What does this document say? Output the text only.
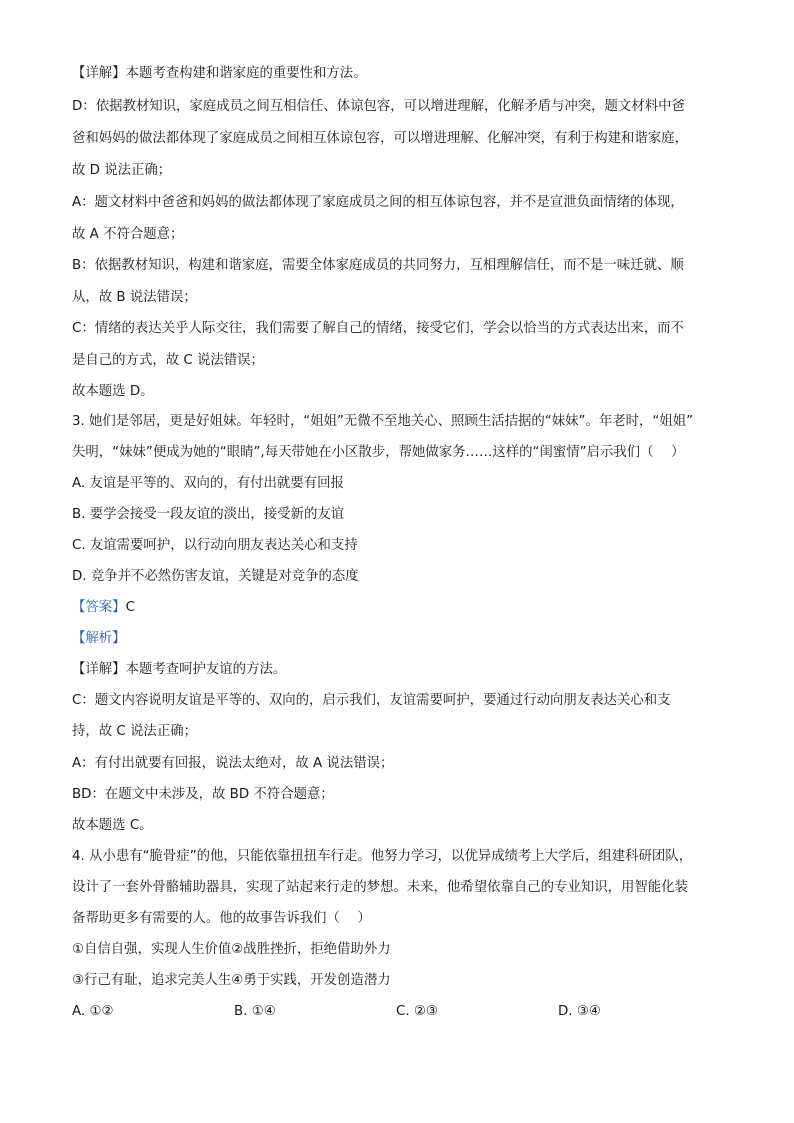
【详解】本题考查构建和谐家庭的重要性和方法。
D：依据教材知识，家庭成员之间互相信任、体谅包容，可以增进理解，化解矛盾与冲突，题文材料中爸
爸和妈妈的做法都体现了家庭成员之间相互体谅包容，可以增进理解、化解冲突，有利于构建和谐家庭，
故 D 说法正确；
A：题文材料中爸爸和妈妈的做法都体现了家庭成员之间的相互体谅包容，并不是宣泄负面情绪的体现，
故 A 不符合题意；
B：依据教材知识，构建和谐家庭，需要全体家庭成员的共同努力，互相理解信任，而不是一味迁就、顺
从，故 B 说法错误；
C：情绪的表达关乎人际交往，我们需要了解自己的情绪，接受它们，学会以恰当的方式表达出来，而不
是自己的方式，故 C 说法错误；
故本题选 D。
3. 她们是邻居，更是好姐妹。年轻时，“姐姐”无微不至地关心、照顾生活拮据的“妹妹”。年老时，“姐姐”
失明，“妹妹”便成为她的“眼睛”,每天带她在小区散步，帮她做家务……这样的“闺蜜情”启示我们（　 ）
A. 友谊是平等的、双向的，有付出就要有回报
B. 要学会接受一段友谊的淡出，接受新的友谊
C. 友谊需要呵护，以行动向朋友表达关心和支持
D. 竞争并不必然伤害友谊，关键是对竞争的态度
【答案】C
【解析】
【详解】本题考查呵护友谊的方法。
C：题文内容说明友谊是平等的、双向的，启示我们，友谊需要呵护，要通过行动向朋友表达关心和支
持，故 C 说法正确；
A：有付出就要有回报，说法太绝对，故 A 说法错误；
BD：在题文中未涉及，故 BD 不符合题意；
故本题选 C。
4. 从小患有“脆骨症”的他，只能依靠扭扭车行走。他努力学习，以优异成绩考上大学后，组建科研团队，
设计了一套外骨骼辅助器具，实现了站起来行走的梦想。未来，他希望依靠自己的专业知识，用智能化装
备帮助更多有需要的人。他的故事告诉我们（　 ）
①自信自强，实现人生价值②战胜挫折，拒绝借助外力
③行己有耻，追求完美人生④勇于实践，开发创造潜力
A. ①②	B. ①④	C. ②③	D. ③④
